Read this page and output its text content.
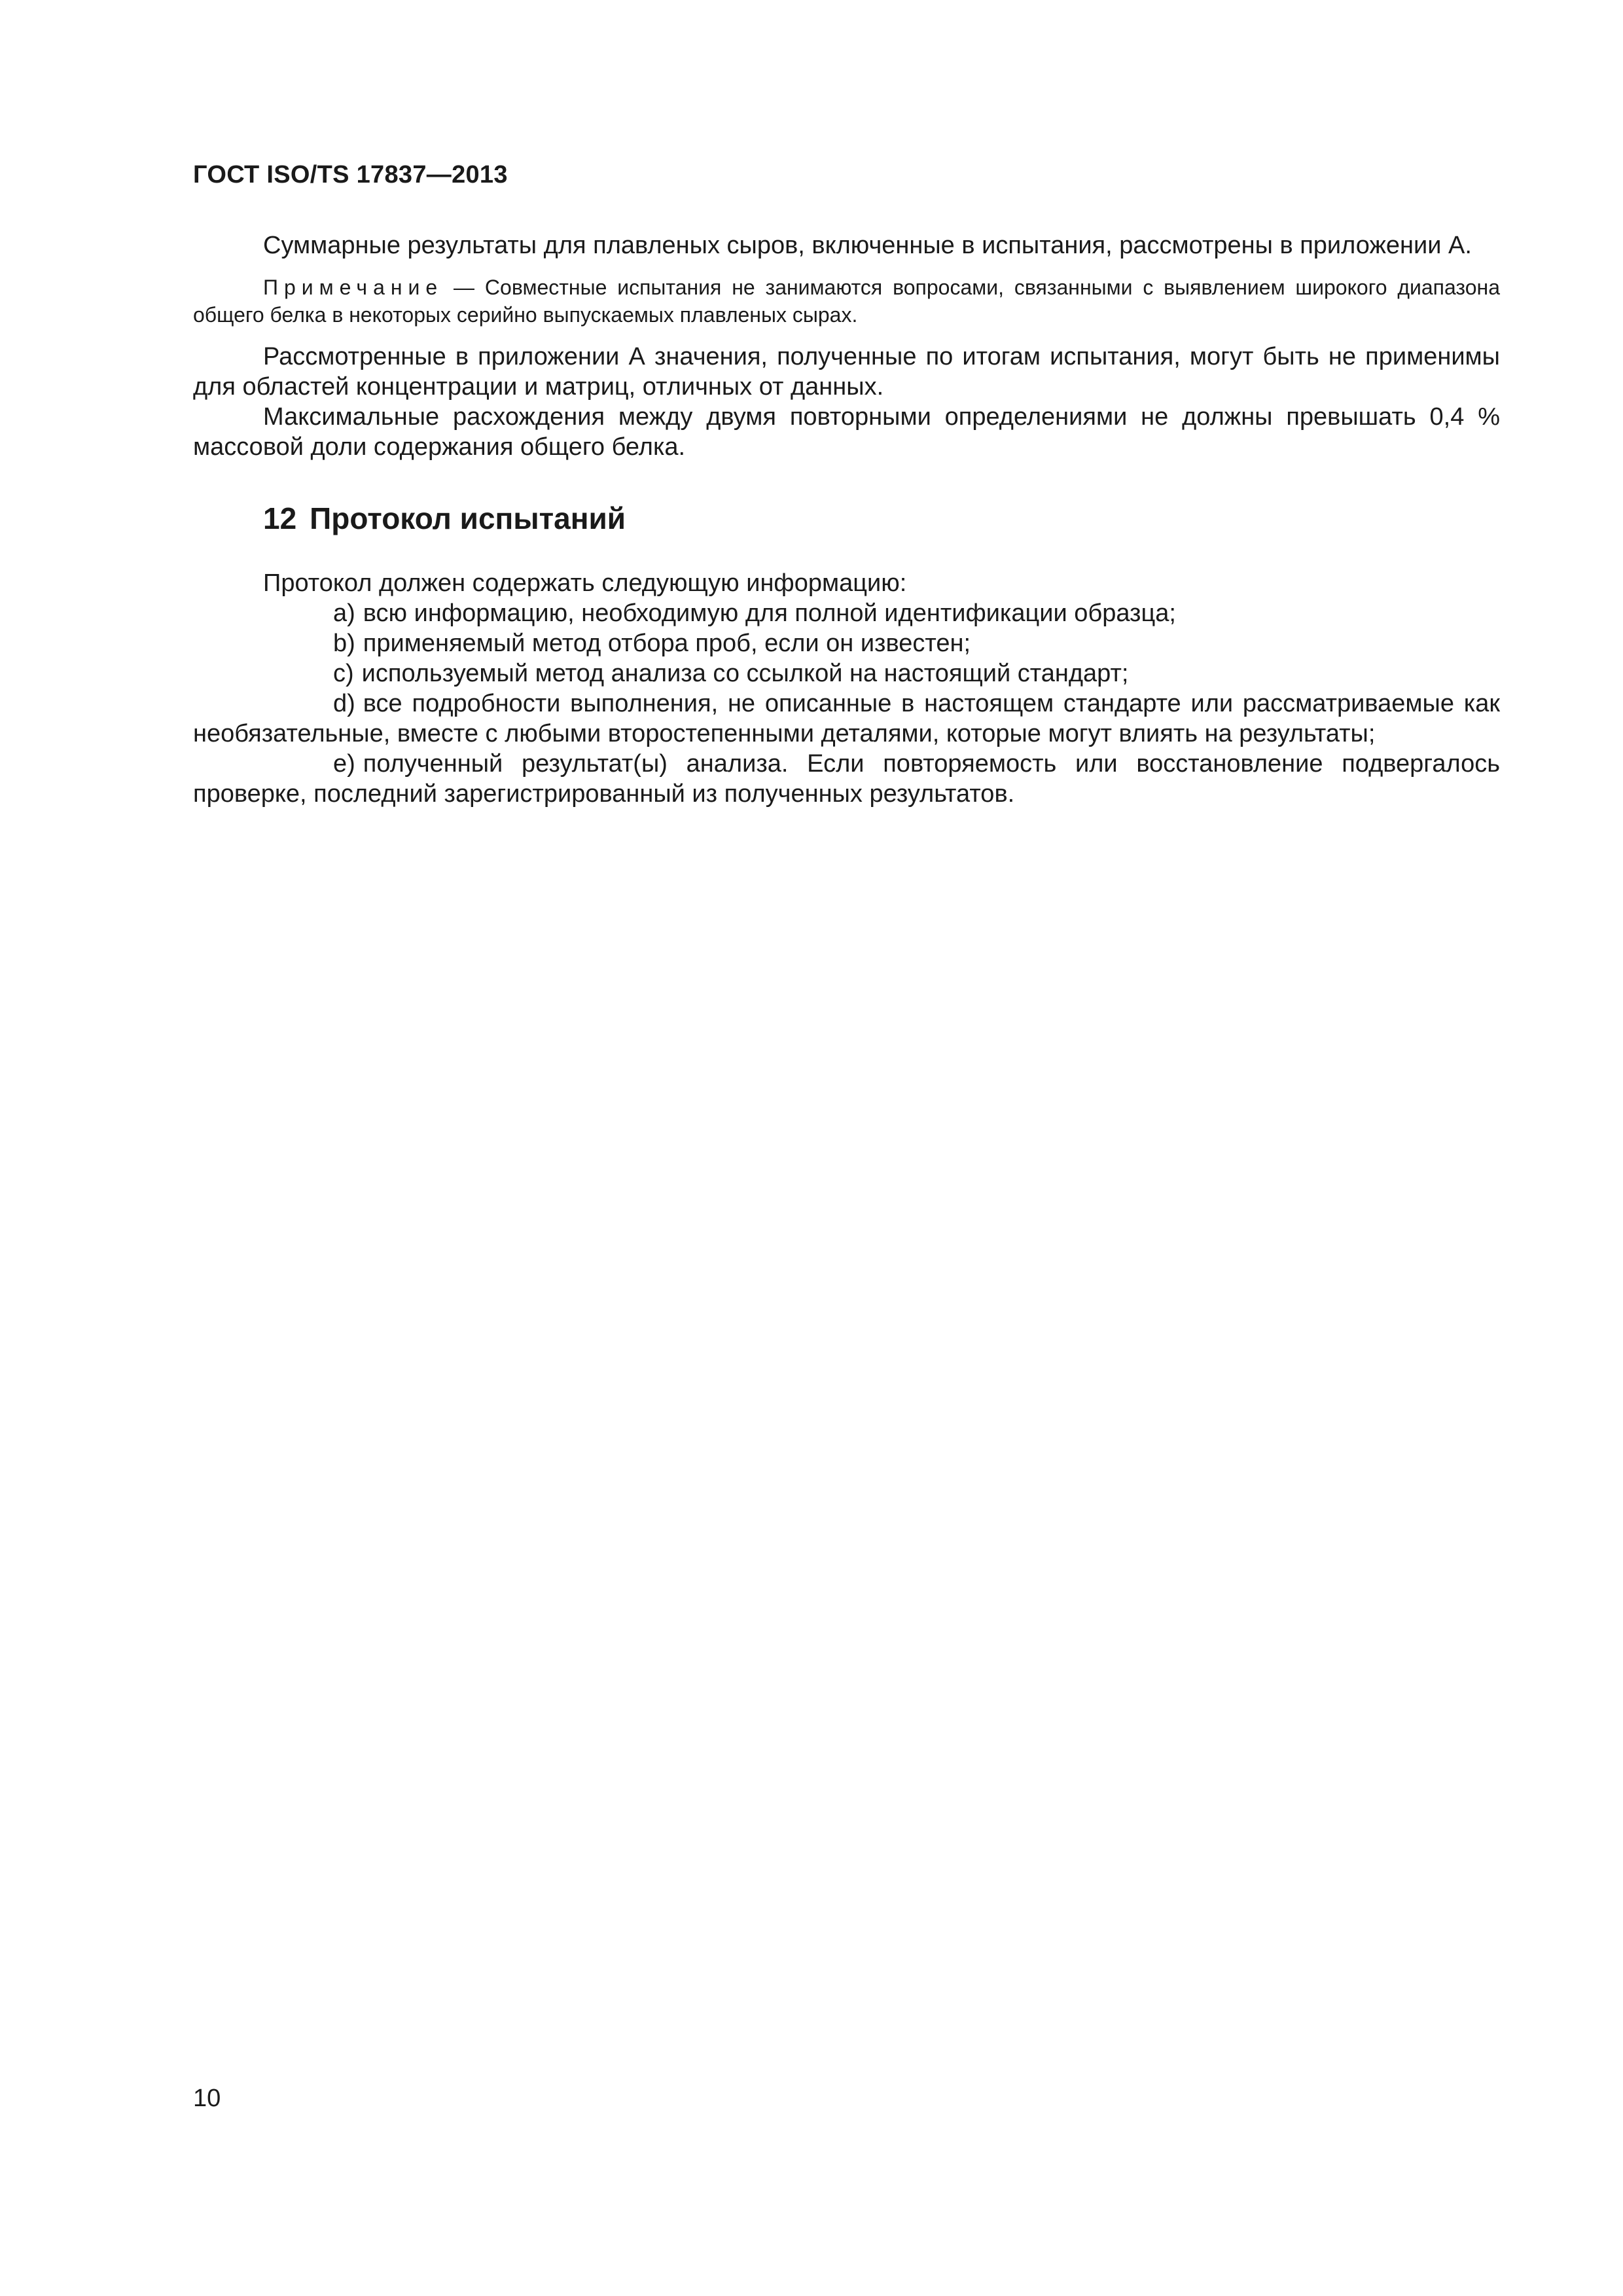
ГОСТ ISO/TS 17837—2013

Суммарные результаты для плавленых сыров, включенные в испытания, рассмотрены в приложении А.

Примечание — Совместные испытания не занимаются вопросами, связанными с выявлением широкого диапазона общего белка в некоторых серийно выпускаемых плавленых сырах.

Рассмотренные в приложении А значения, полученные по итогам испытания, могут быть не применимы для областей концентрации и матриц, отличных от данных.

Максимальные расхождения между двумя повторными определениями не должны превышать 0,4 % массовой доли содержания общего белка.

12 Протокол испытаний

Протокол должен содержать следующую информацию:

а) всю информацию, необходимую для полной идентификации образца;

b) применяемый метод отбора проб, если он известен;

с) используемый метод анализа со ссылкой на настоящий стандарт;

d) все подробности выполнения, не описанные в настоящем стандарте или рассматриваемые как необязательные, вместе с любыми второстепенными деталями, которые могут влиять на результаты;

е) полученный результат(ы) анализа. Если повторяемость или восстановление подвергалось проверке, последний зарегистрированный из полученных результатов.

10
